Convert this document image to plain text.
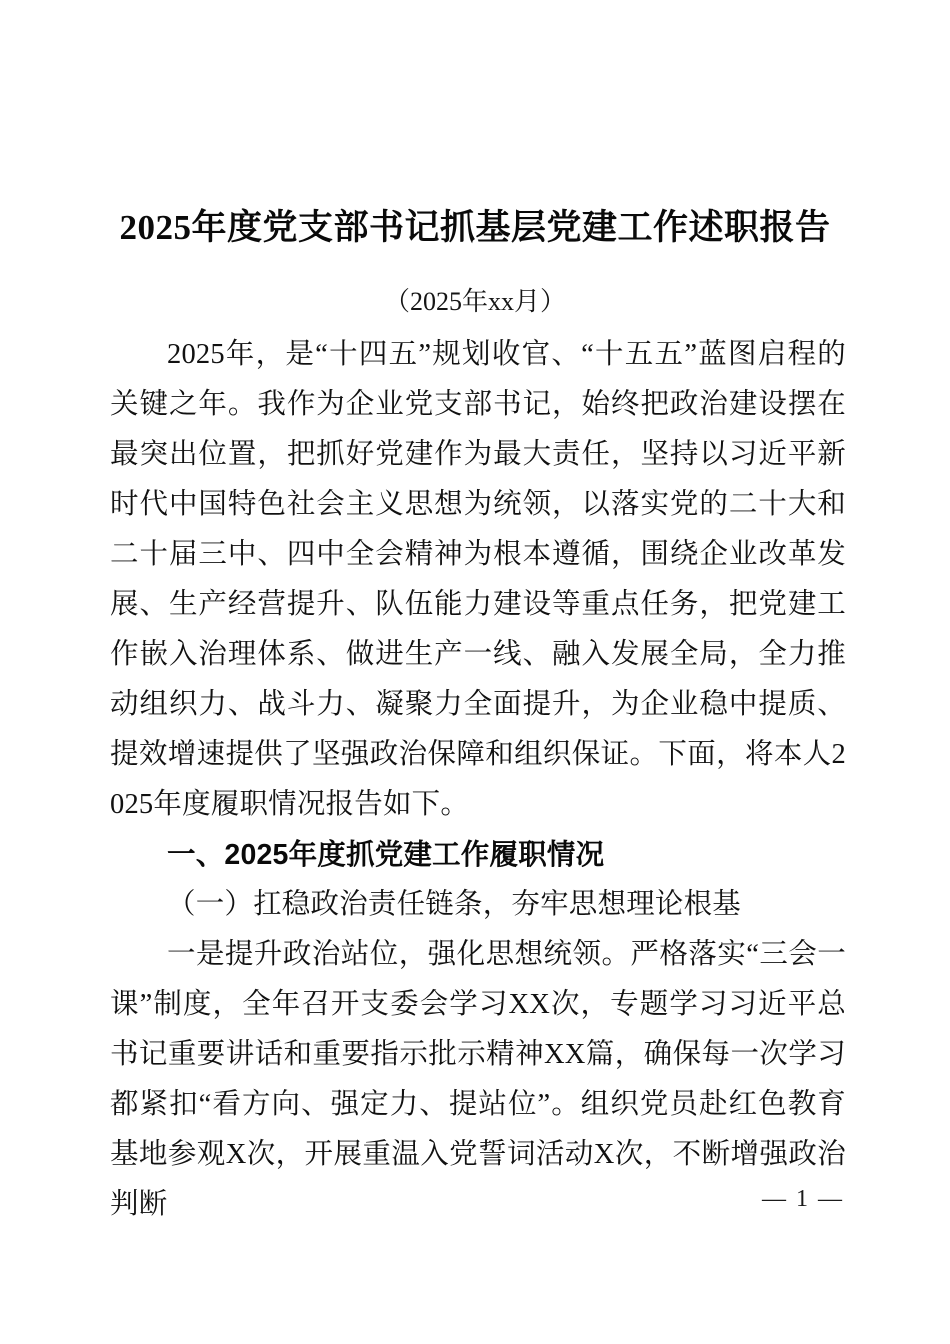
2025年度党支部书记抓基层党建工作述职报告
（2025年xx月）

2025年，是“十四五”规划收官、“十五五”蓝图启程的关键之年。我作为企业党支部书记，始终把政治建设摆在最突出位置，把抓好党建作为最大责任，坚持以习近平新时代中国特色社会主义思想为统领，以落实党的二十大和二十届三中、四中全会精神为根本遵循，围绕企业改革发展、生产经营提升、队伍能力建设等重点任务，把党建工作嵌入治理体系、做进生产一线、融入发展全局，全力推动组织力、战斗力、凝聚力全面提升，为企业稳中提质、提效增速提供了坚强政治保障和组织保证。下面，将本人2025年度履职情况报告如下。

一、2025年度抓党建工作履职情况
（一）扛稳政治责任链条，夯牢思想理论根基

一是提升政治站位，强化思想统领。严格落实“三会一课”制度，全年召开支委会学习XX次，专题学习习近平总书记重要讲话和重要指示批示精神XX篇，确保每一次学习都紧扣“看方向、强定力、提站位”。组织党员赴红色教育基地参观X次，开展重温入党誓词活动X次，不断增强政治判断	— 1 —
